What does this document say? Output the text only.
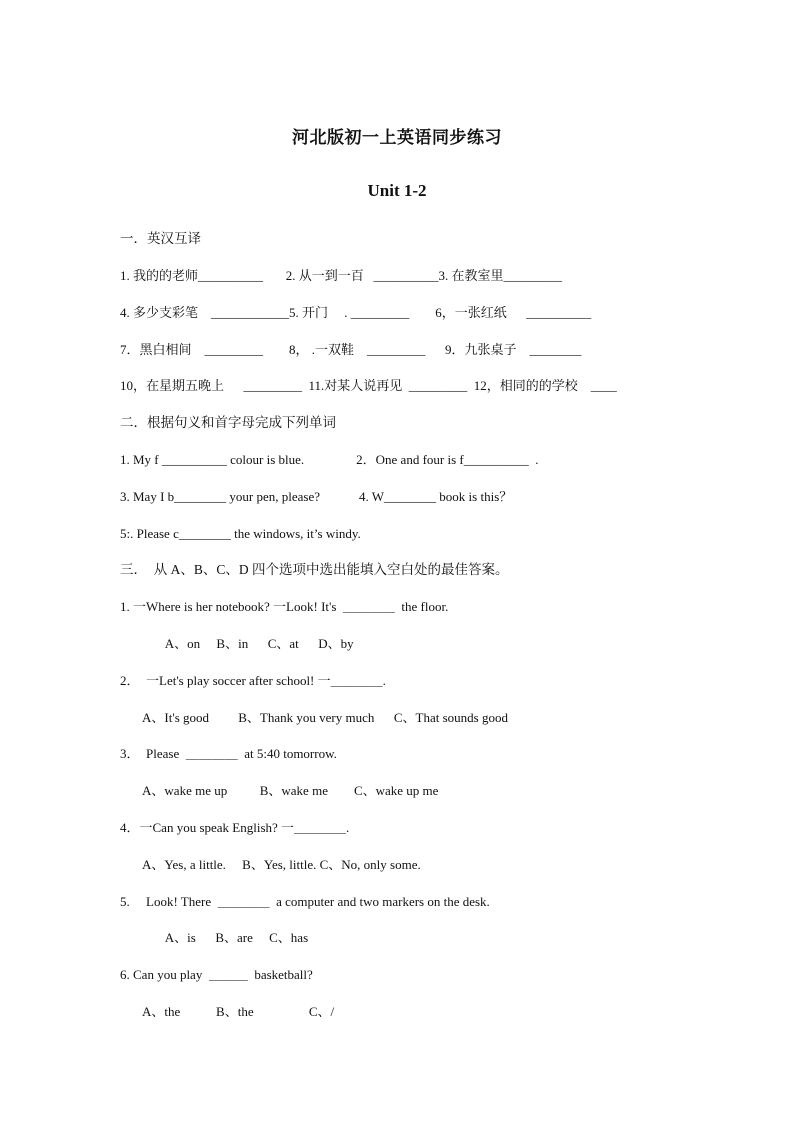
河北版初一上英语同步练习
Unit 1-2
一．英汉互译
1. 我的的老师__________       2. 从一到一百   __________3. 在教室里_________
4. 多少支彩笔    ____________5. 开门     . _________        6，一张红纸      __________
7．黑白相间    _________        8， .一双鞋    _________      9．九张桌子    ________
10，在星期五晚上      _________  11.对某人说再见  _________  12，相同的的学校    ____
二．根据句义和首字母完成下列单词
1. My f __________ colour is blue.                2．One and four is f__________  .
3. May I b________ your pen, please?            4. W________ book is this？
5:. Please c________ the windows, it’s windy.
三．  从 A、B、C、D 四个选项中选出能填入空白处的最佳答案。
1. 一Where is her notebook? 一Look! It's  ＿＿＿＿  the floor.
A、on     B、in      C、at      D、by
2．  一Let's play soccer after school! 一＿＿＿＿.
A、It's good         B、Thank you very much      C、That sounds good
3．  Please  ＿＿＿＿  at 5:40 tomorrow.
A、wake me up          B、wake me        C、wake up me
4．一Can you speak English? 一＿＿＿＿.
A、Yes, a little.     B、Yes, little. C、No, only some.
5.     Look! There  ＿＿＿＿  a computer and two markers on the desk.
A、is      B、are     C、has
6. Can you play  ＿＿＿  basketball?
A、the           B、the                 C、/
